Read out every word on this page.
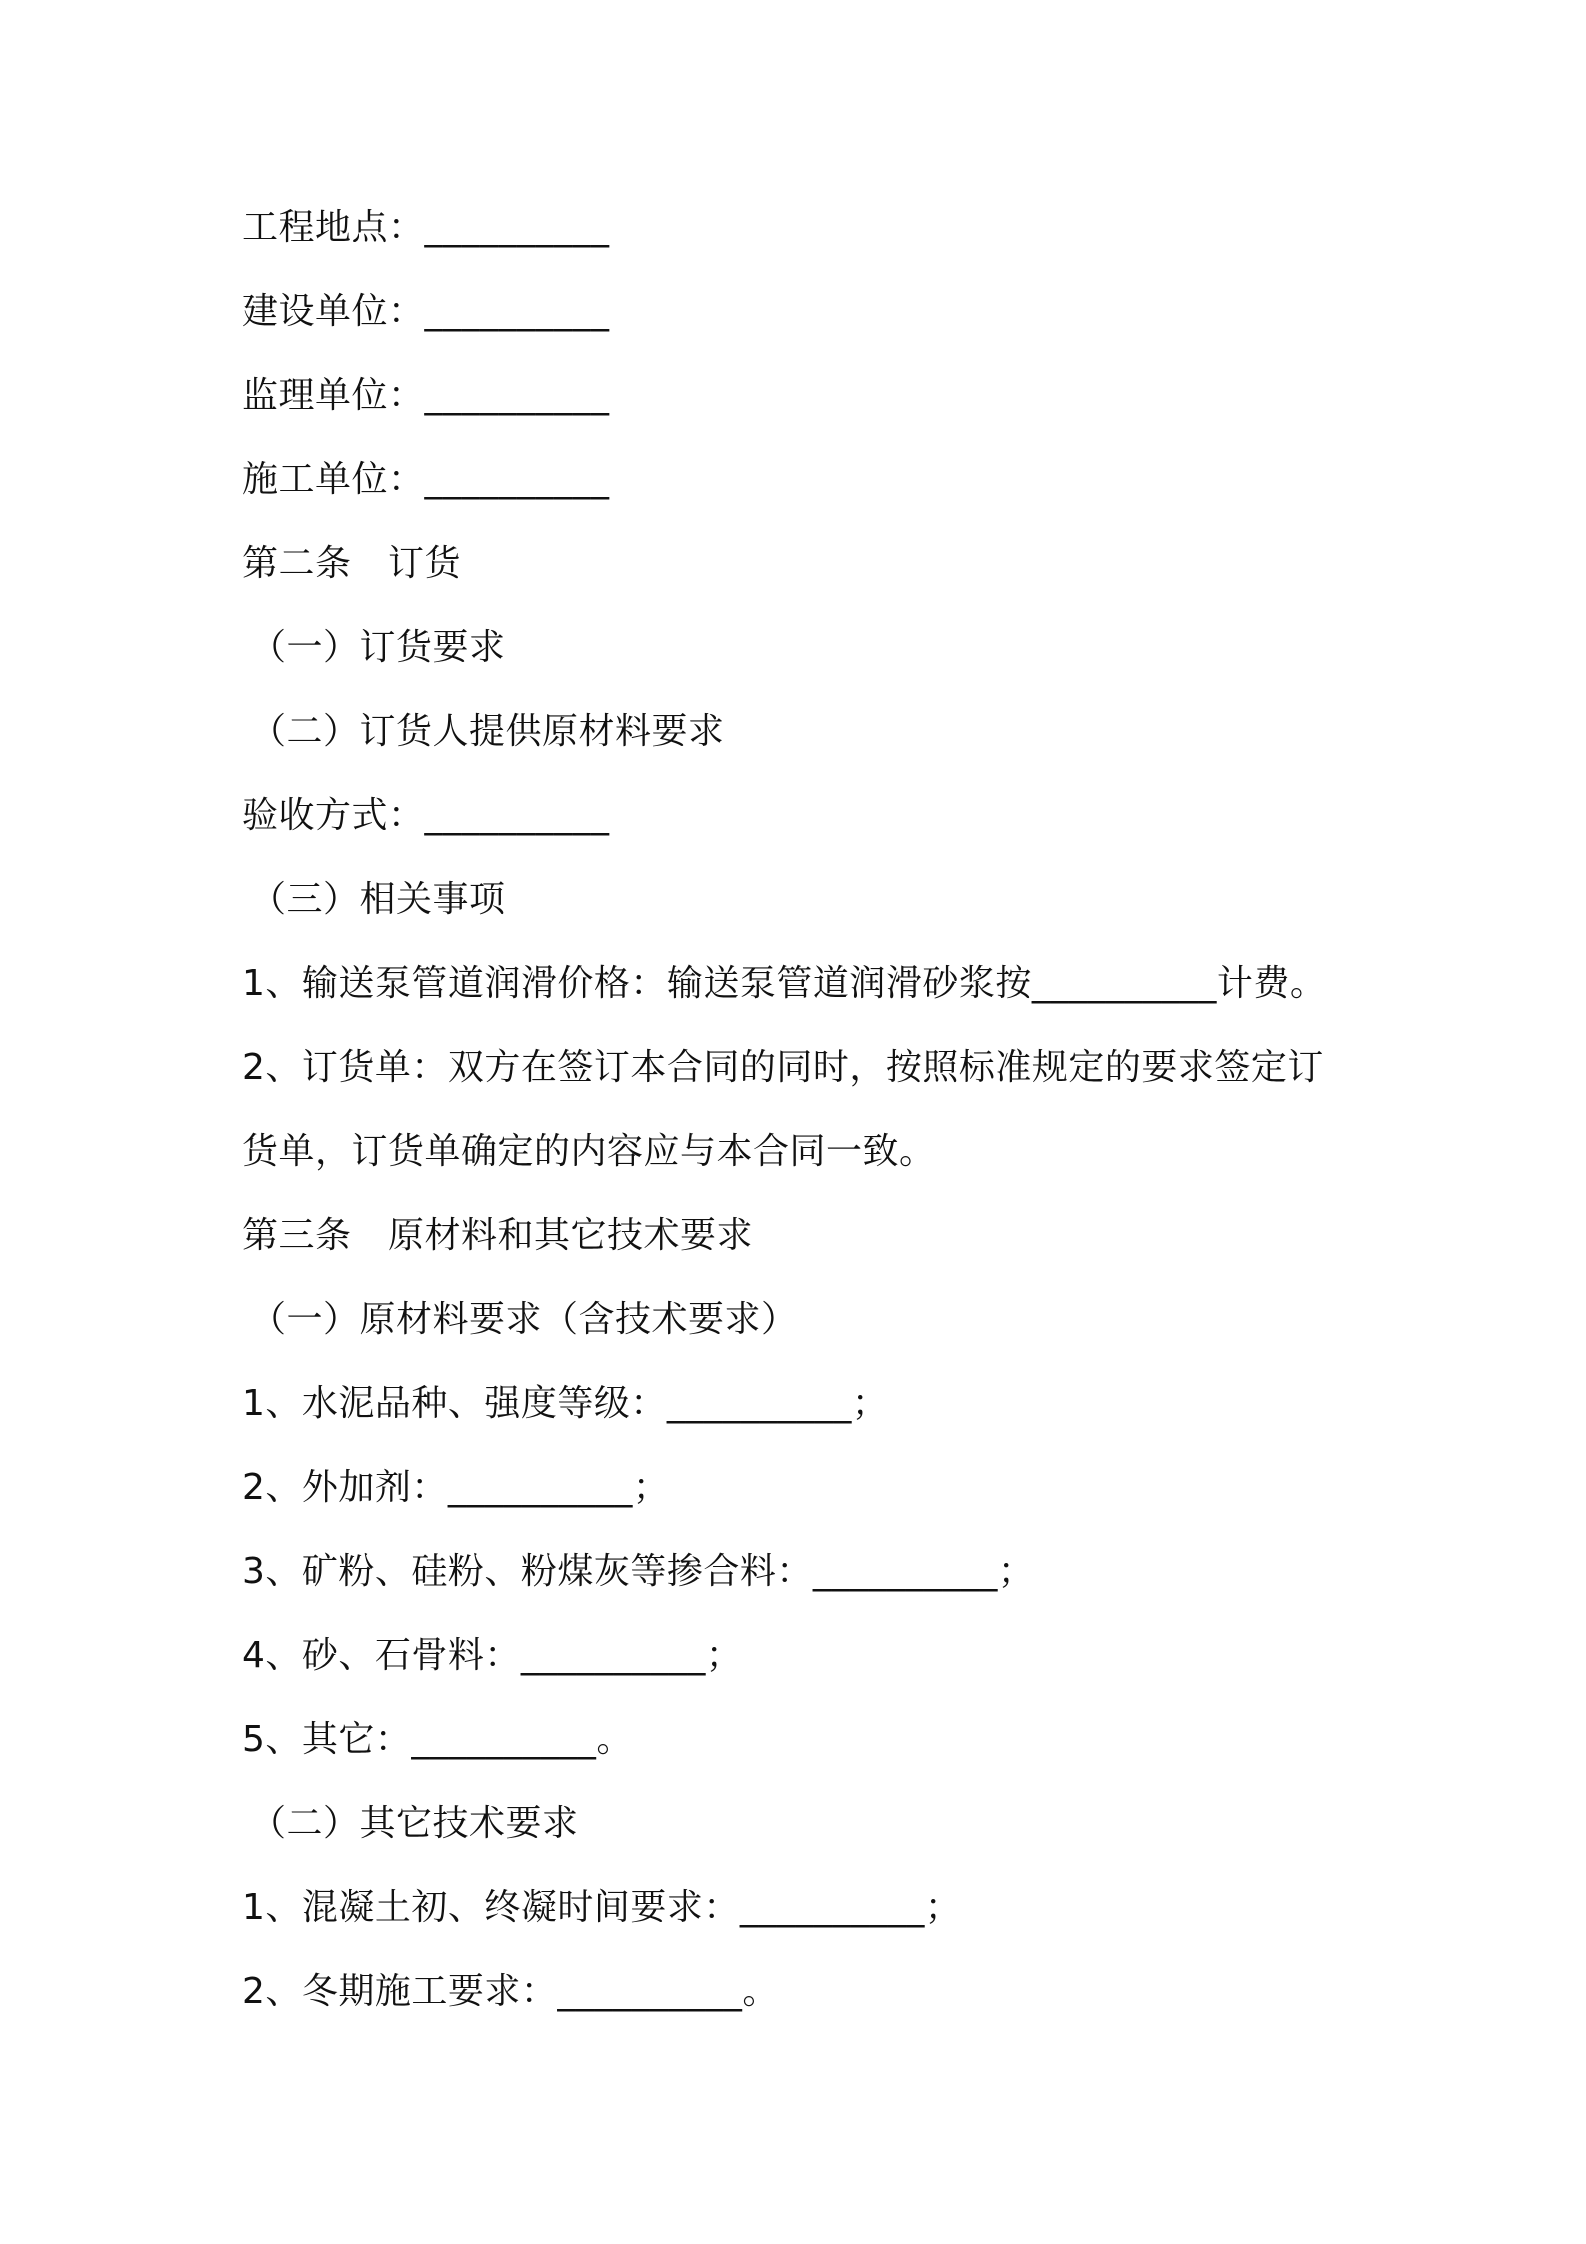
工程地点：__________
建设单位：__________
监理单位：__________
施工单位：__________
第二条　订货
（一）订货要求
（二）订货人提供原材料要求
验收方式：__________
（三）相关事项
1、输送泵管道润滑价格：输送泵管道润滑砂浆按__________计费。
2、订货单：双方在签订本合同的同时，按照标准规定的要求签定订
货单，订货单确定的内容应与本合同一致。
第三条　原材料和其它技术要求
（一）原材料要求（含技术要求）
1、水泥品种、强度等级：__________；
2、外加剂：__________；
3、矿粉、硅粉、粉煤灰等掺合料：__________；
4、砂、石骨料：__________；
5、其它：__________。
（二）其它技术要求
1、混凝土初、终凝时间要求：__________；
2、冬期施工要求：__________。
